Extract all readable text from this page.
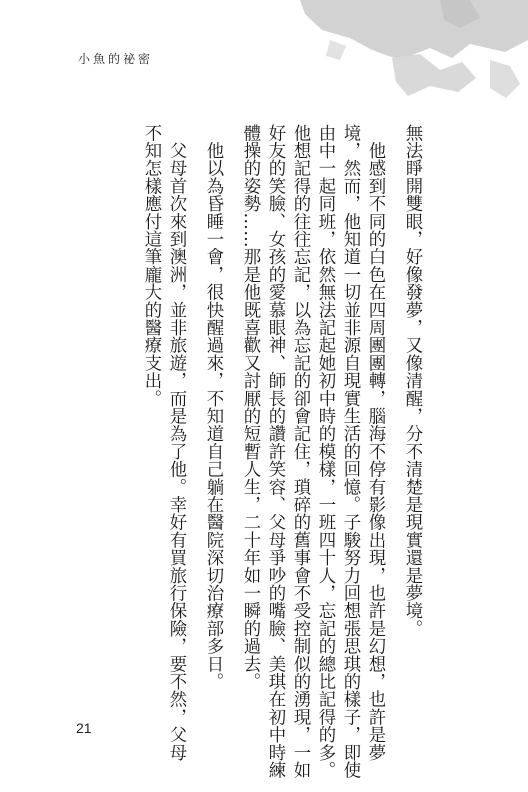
小魚的祕密
無法睜開雙眼，好像發夢，又像清醒，分不清楚是現實還是夢境。
　他感到不同的白色在四周團團轉，腦海不停有影像出現，也許是幻想，也許是夢
境，然而，他知道一切並非源自現實生活的回憶。子駿努力回想張思琪的樣子，即使
由中一起同班，依然無法記起她初中時的模樣，一班四十人，忘記的總比記得的多。
他想記得的往往忘記，以為忘記的卻會記住，瑣碎的舊事會不受控制似的湧現，一如
好友的笑臉、女孩的愛慕眼神、師長的讚許笑容、父母爭吵的嘴臉、美琪在初中時練
體操的姿勢……那是他既喜歡又討厭的短暫人生，二十年如一瞬的過去。
　他以為昏睡一會，很快醒過來，不知道自己躺在醫院深切治療部多日。
　父母首次來到澳洲，並非旅遊，而是為了他。幸好有買旅行保險，要不然，父母
不知怎樣應付這筆龐大的醫療支出。
21
